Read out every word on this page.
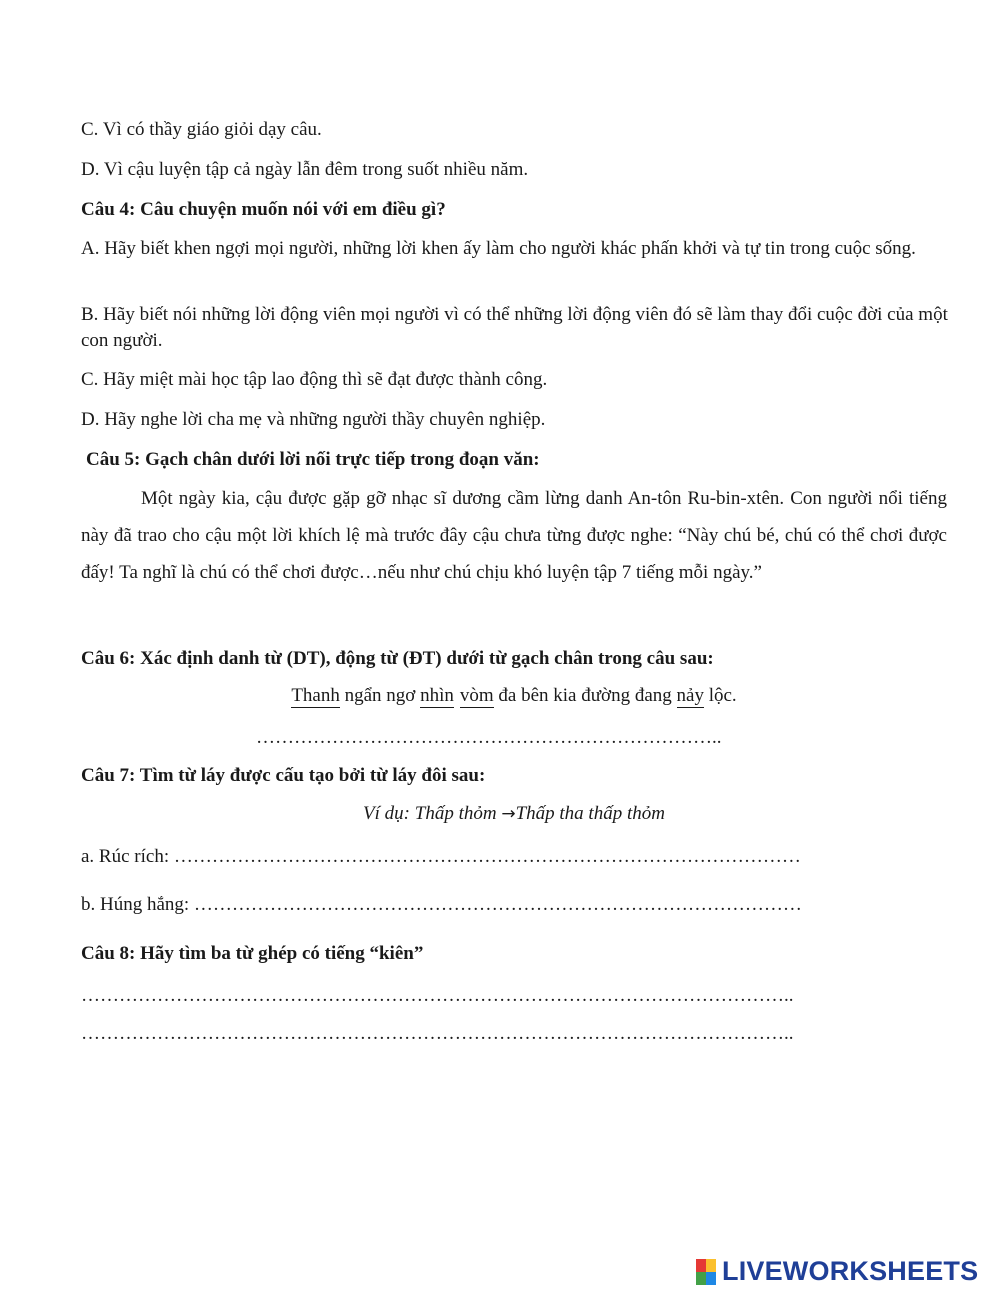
C. Vì có thầy giáo giỏi dạy câu.
D. Vì cậu luyện tập cả ngày lẫn đêm trong suốt nhiều năm.
Câu 4: Câu chuyện muốn nói với em điều gì?
A. Hãy biết khen ngợi mọi người, những lời khen ấy làm cho người khác phấn khởi và tự tin trong cuộc sống.
B. Hãy biết nói những lời động viên mọi người vì có thể những lời động viên đó sẽ làm thay đổi cuộc đời của một con người.
C. Hãy miệt mài học tập lao động thì sẽ đạt được thành công.
D. Hãy nghe lời cha mẹ và những người thầy chuyên nghiệp.
Câu 5: Gạch chân dưới lời nối trực tiếp trong đoạn văn:
Một ngày kia, cậu được gặp gỡ nhạc sĩ dương cầm lừng danh An-tôn Ru-bin-xtên. Con người nổi tiếng này đã trao cho cậu một lời khích lệ mà trước đây cậu chưa từng được nghe: “Này chú bé, chú có thể chơi được đấy! Ta nghĩ là chú có thể chơi được…nếu như chú chịu khó luyện tập 7 tiếng mỗi ngày.”
Câu 6: Xác định danh từ (DT), động từ (ĐT) dưới từ gạch chân trong câu sau:
Thanh ngẩn ngơ nhìn vòm đa bên kia đường đang nảy lộc.
………………………………………………………………..
Câu 7: Tìm từ láy được cấu tạo bởi từ láy đôi sau:
Ví dụ: Thấp thỏm →Thấp tha thấp thỏm
a. Rúc rích: ………………………………………………………………………………………
b. Húng hắng: ……………………………………………………………………………………
Câu 8: Hãy tìm ba từ ghép có tiếng “kiên”
…………………………………………………………………………………………………..
…………………………………………………………………………………………………..
LIVEWORKSHEETS
